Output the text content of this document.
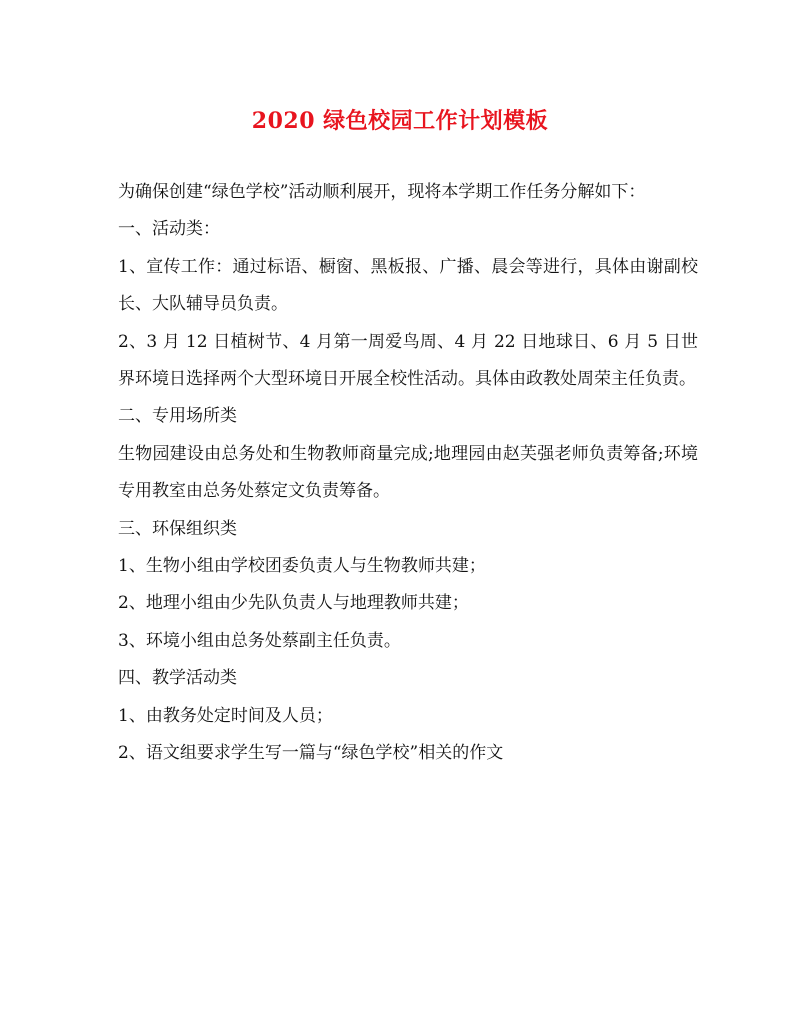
2020 绿色校园工作计划模板

为确保创建“绿色学校”活动顺利展开，现将本学期工作任务分解如下：

一、活动类：

1、宣传工作：通过标语、橱窗、黑板报、广播、晨会等进行，具体由谢副校长、大队辅导员负责。

2、3 月 12 日植树节、4 月第一周爱鸟周、4 月 22 日地球日、6 月 5 日世界环境日选择两个大型环境日开展全校性活动。具体由政教处周荣主任负责。

二、专用场所类

生物园建设由总务处和生物教师商量完成;地理园由赵芙强老师负责筹备;环境专用教室由总务处蔡定文负责筹备。

三、环保组织类

1、生物小组由学校团委负责人与生物教师共建；

2、地理小组由少先队负责人与地理教师共建；

3、环境小组由总务处蔡副主任负责。

四、教学活动类

1、由教务处定时间及人员；

2、语文组要求学生写一篇与“绿色学校”相关的作文
